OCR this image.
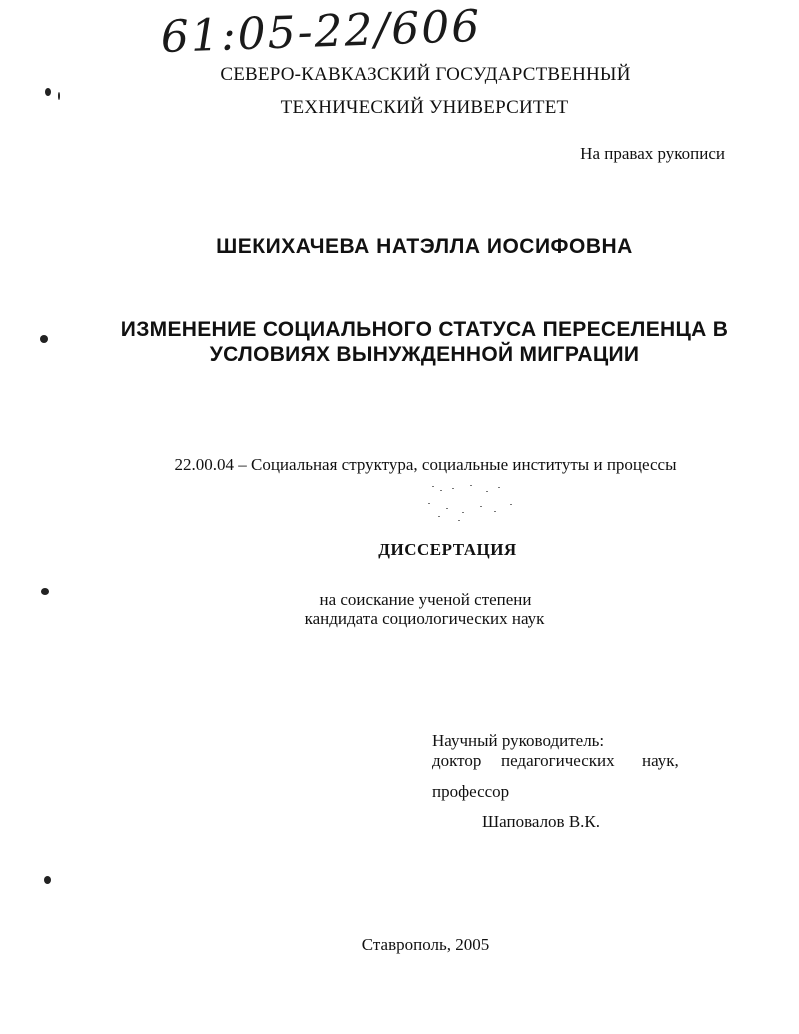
61:05-22/606
СЕВЕРО-КАВКАЗСКИЙ ГОСУДАРСТВЕННЫЙ
ТЕХНИЧЕСКИЙ УНИВЕРСИТЕТ
На правах рукописи
ШЕКИХАЧЕВА НАТЭЛЛА ИОСИФОВНА
ИЗМЕНЕНИЕ СОЦИАЛЬНОГО СТАТУСА ПЕРЕСЕЛЕНЦА В
УСЛОВИЯХ ВЫНУЖДЕННОЙ МИГРАЦИИ
22.00.04 – Социальная структура, социальные институты и процессы
ДИССЕРТАЦИЯ
на соискание ученой степени
кандидата социологических наук
Научный руководитель:
доктор педагогических наук,
профессор
Шаповалов В.К.
Ставрополь, 2005
